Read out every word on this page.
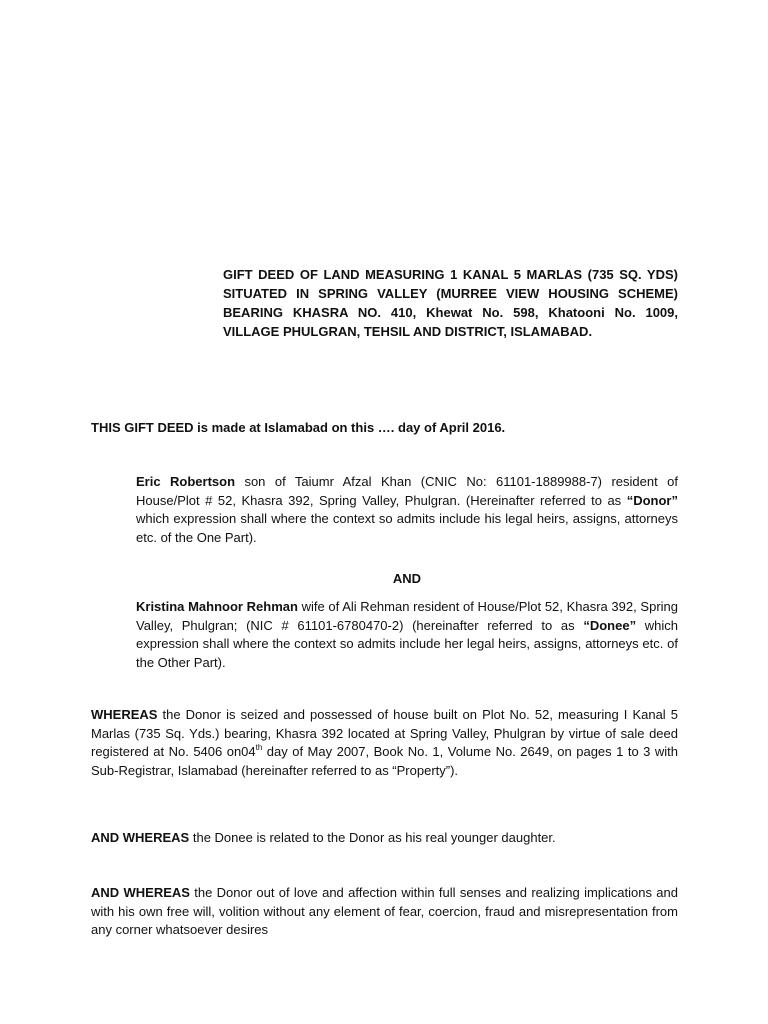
GIFT DEED OF LAND MEASURING 1 KANAL 5 MARLAS (735 SQ. YDS) SITUATED IN SPRING VALLEY (MURREE VIEW HOUSING SCHEME) BEARING KHASRA NO. 410, Khewat No. 598, Khatooni No. 1009, VILLAGE PHULGRAN, TEHSIL AND DISTRICT, ISLAMABAD.
THIS GIFT DEED is made at Islamabad on this …. day of April 2016.
Eric Robertson son of Taiumr Afzal Khan (CNIC No: 61101-1889988-7) resident of House/Plot # 52, Khasra 392, Spring Valley, Phulgran. (Hereinafter referred to as “Donor” which expression shall where the context so admits include his legal heirs, assigns, attorneys etc. of the One Part).
AND
Kristina Mahnoor Rehman wife of Ali Rehman resident of House/Plot 52, Khasra 392, Spring Valley, Phulgran; (NIC # 61101-6780470-2) (hereinafter referred to as “Donee” which expression shall where the context so admits include her legal heirs, assigns, attorneys etc. of the Other Part).
WHEREAS the Donor is seized and possessed of house built on Plot No. 52, measuring I Kanal 5 Marlas (735 Sq. Yds.) bearing, Khasra 392 located at Spring Valley, Phulgran by virtue of sale deed registered at No. 5406 on04th day of May 2007, Book No. 1, Volume No. 2649, on pages 1 to 3 with Sub-Registrar, Islamabad (hereinafter referred to as “Property”).
AND WHEREAS the Donee is related to the Donor as his real younger daughter.
AND WHEREAS the Donor out of love and affection within full senses and realizing implications and with his own free will, volition without any element of fear, coercion, fraud and misrepresentation from any corner whatsoever desires
